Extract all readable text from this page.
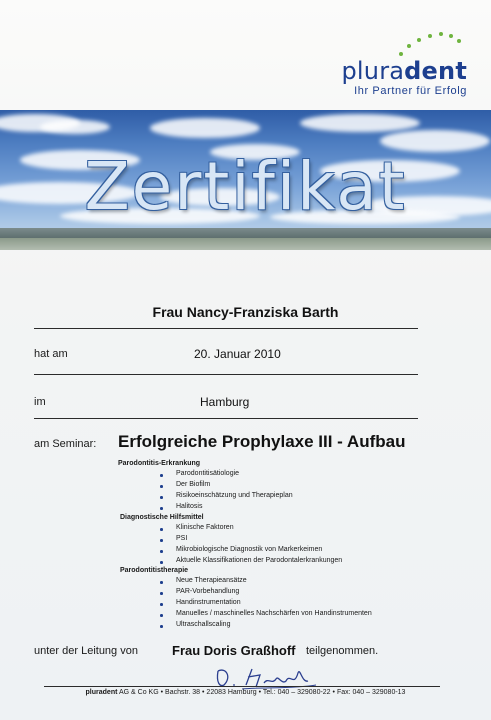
pluradent
Ihr Partner für Erfolg
Zertifikat
Frau Nancy-Franziska Barth
hat am	20. Januar 2010
im	Hamburg
am Seminar: Erfolgreiche Prophylaxe III - Aufbau
Parodontitis-Erkrankung
Parodontitisätiologie
Der Biofilm
Risikoeinschätzung und Therapieplan
Halitosis
Diagnostische Hilfsmittel
Klinische Faktoren
PSI
Mikrobiologische Diagnostik von Markerkeimen
Aktuelle Klassifikationen der Parodontalerkrankungen
Parodontitistherapie
Neue Therapieansätze
PAR-Vorbehandlung
Handinstrumentation
Manuelles / maschinelles Nachschärfen von Handinstrumenten
Ultraschallscaling
unter der Leitung von	Frau Doris Graßhoff teilgenommen.
pluradent AG & Co KG • Bachstr. 38 • 22083 Hamburg • Tel.: 040 – 329080-22 • Fax: 040 – 329080-13
